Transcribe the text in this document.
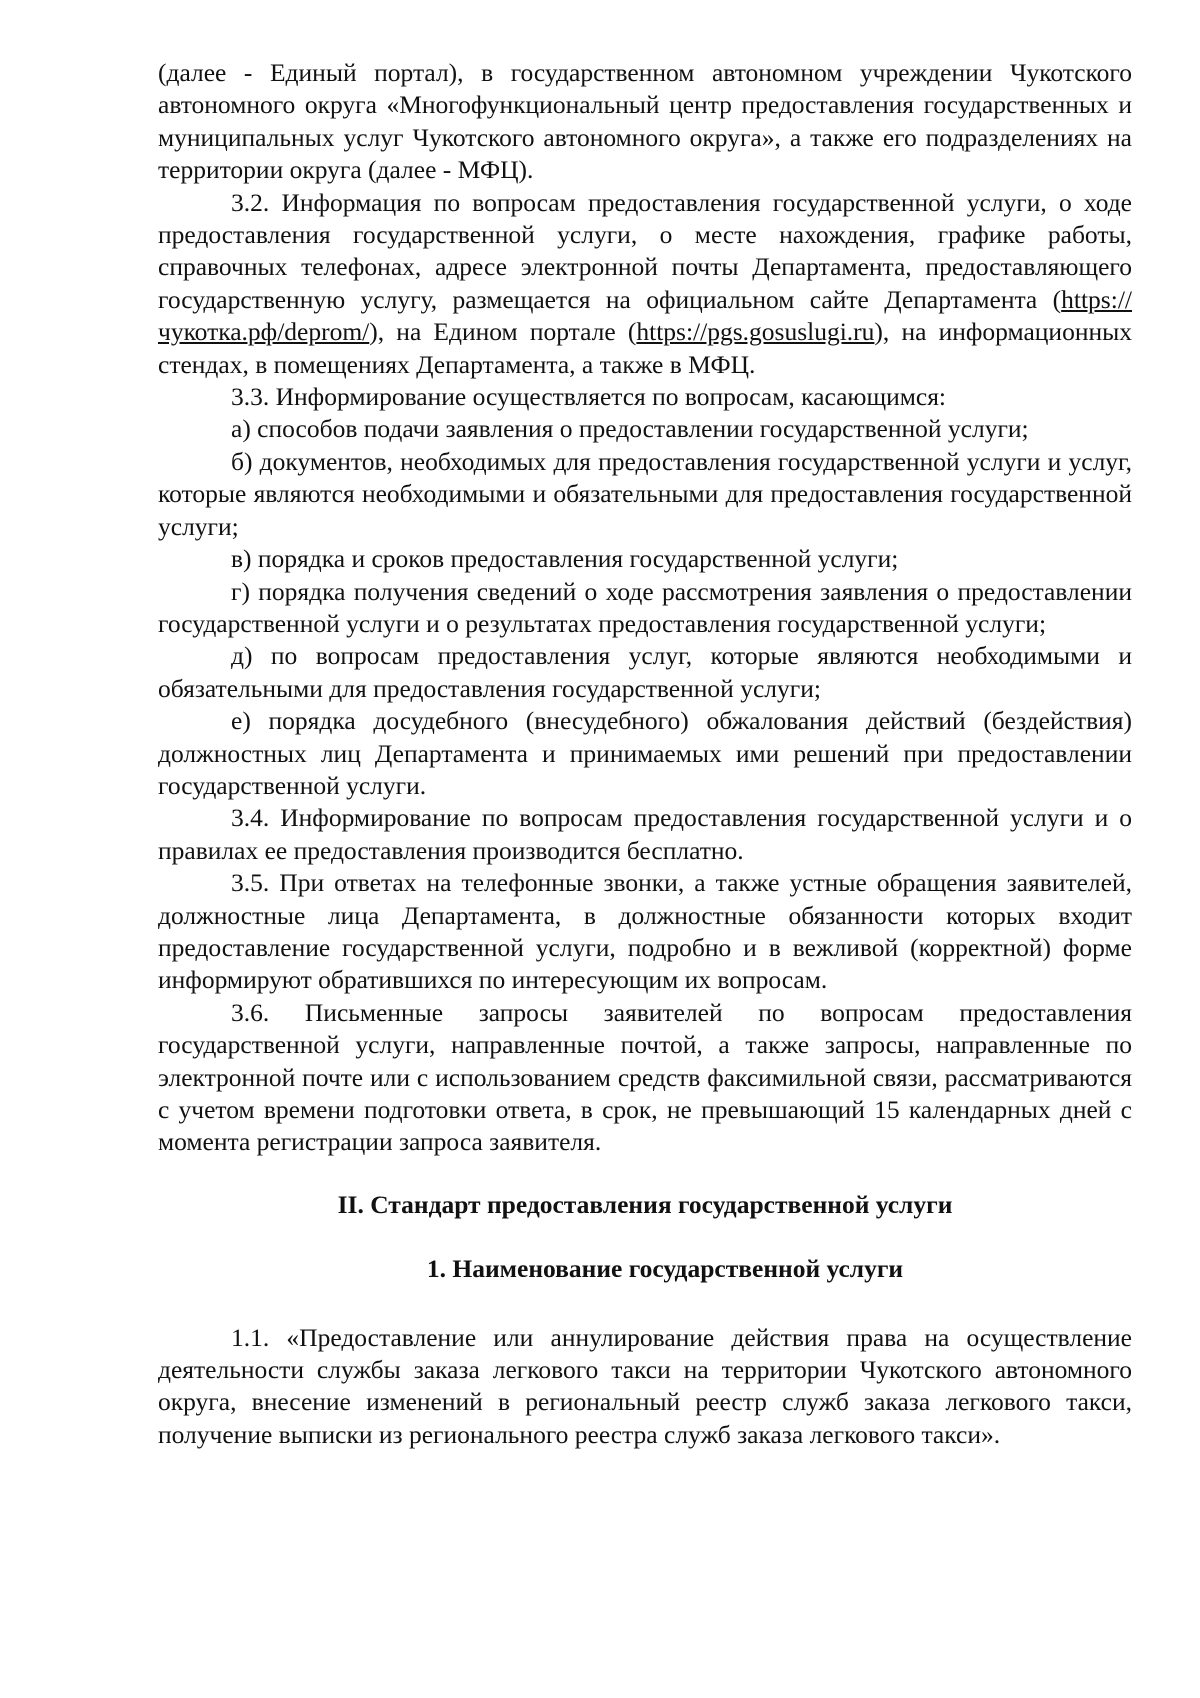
(далее - Единый портал), в государственном автономном учреждении Чукотского автономного округа «Многофункциональный центр предоставления государственных и муниципальных услуг Чукотского автономного округа», а также его подразделениях на территории округа (далее - МФЦ).

3.2. Информация по вопросам предоставления государственной услуги, о ходе предоставления государственной услуги, о месте нахождения, графике работы, справочных телефонах, адресе электронной почты Департамента, предоставляющего государственную услугу, размещается на официальном сайте Департамента (https://чукотка.рф/deprom/), на Едином портале (https://pgs.gosuslugi.ru), на информационных стендах, в помещениях Департамента, а также в МФЦ.

3.3. Информирование осуществляется по вопросам, касающимся:

а) способов подачи заявления о предоставлении государственной услуги;

б) документов, необходимых для предоставления государственной услуги и услуг, которые являются необходимыми и обязательными для предоставления государственной услуги;

в) порядка и сроков предоставления государственной услуги;

г) порядка получения сведений о ходе рассмотрения заявления о предоставлении государственной услуги и о результатах предоставления государственной услуги;

д) по вопросам предоставления услуг, которые являются необходимыми и обязательными для предоставления государственной услуги;

е) порядка досудебного (внесудебного) обжалования действий (бездействия) должностных лиц Департамента и принимаемых ими решений при предоставлении государственной услуги.

3.4. Информирование по вопросам предоставления государственной услуги и о правилах ее предоставления производится бесплатно.

3.5. При ответах на телефонные звонки, а также устные обращения заявителей, должностные лица Департамента, в должностные обязанности которых входит предоставление государственной услуги, подробно и в вежливой (корректной) форме информируют обратившихся по интересующим их вопросам.

3.6. Письменные запросы заявителей по вопросам предоставления государственной услуги, направленные почтой, а также запросы, направленные по электронной почте или с использованием средств факсимильной связи, рассматриваются с учетом времени подготовки ответа, в срок, не превышающий 15 календарных дней с момента регистрации запроса заявителя.

II. Стандарт предоставления государственной услуги

1. Наименование государственной услуги

1.1. «Предоставление или аннулирование действия права на осуществление деятельности службы заказа легкового такси на территории Чукотского автономного округа, внесение изменений в региональный реестр служб заказа легкового такси, получение выписки из регионального реестра служб заказа легкового такси».
